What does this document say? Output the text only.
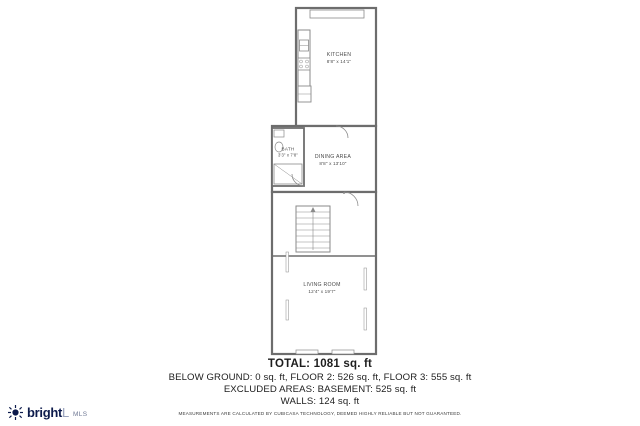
KITCHEN
8'8" x 14'1"
BATH
3'3" x 7'8"	DINING AREA
8'8" x 13'10"
LIVING ROOM
12'4" x 19'7"
TOTAL: 1081 sq. ft
BELOW GROUND: 0 sq. ft, FLOOR 2: 526 sq. ft, FLOOR 3: 555 sq. ft
EXCLUDED AREAS: BASEMENT: 525 sq. ft
WALLS: 124 sq. ft
MEASUREMENTS ARE CALCULATED BY CUBICASA TECHNOLOGY, DEEMED HIGHLY RELIABLE BUT NOT GUARANTEED.
brightL MLS
